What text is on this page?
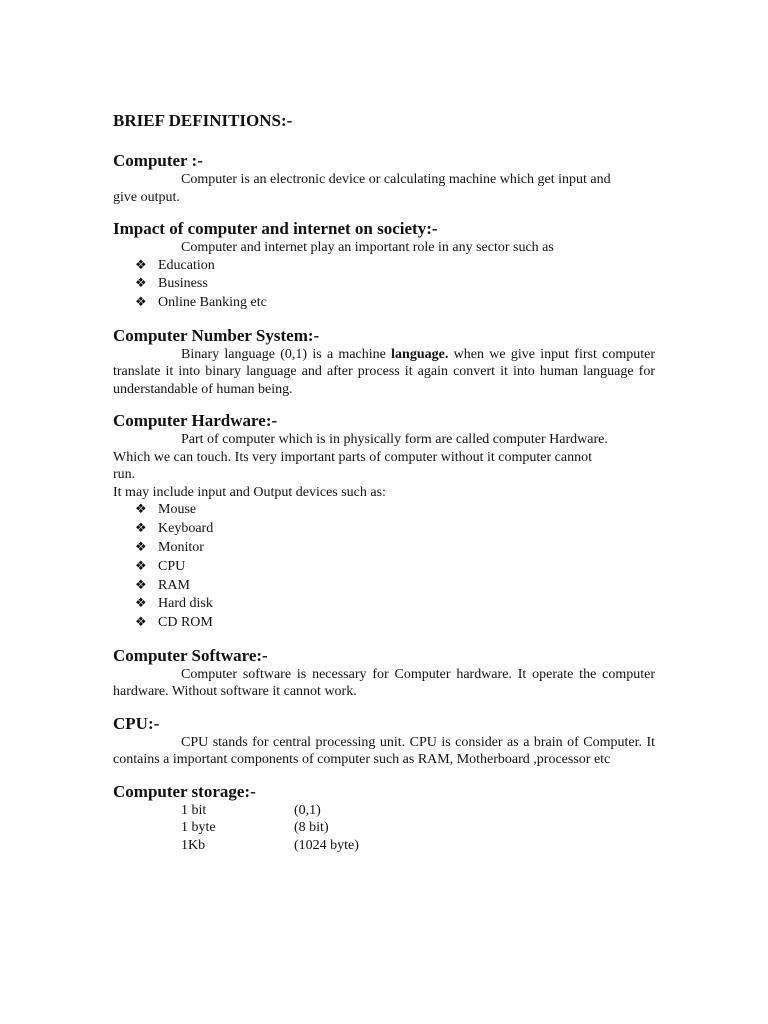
BRIEF DEFINITIONS:-
Computer :-

Computer is an electronic device or calculating machine which get input and

give output.

Impact of computer and internet on society:-

Computer and internet play an important role in any sector such as

❖ Education
❖ Business
❖ Online Banking etc
Computer Number System:-

Binary language (0,1) is a machine language. when we give input first computer translate it into binary language and after process it again convert it into human language for understandable of human being.

Computer Hardware:-

Part of computer which is in physically form are called computer Hardware.

Which we can touch. Its very important parts of computer without it computer cannot

run.

It may include input and Output devices such as:

❖ Mouse
❖ Keyboard
❖ Monitor
❖ CPU
❖ RAM
❖ Hard disk
❖ CD ROM
Computer Software:-

Computer software is necessary for Computer hardware. It operate the computer hardware. Without software it cannot work.

CPU:-

CPU stands for central processing unit. CPU is consider as a brain of Computer. It contains a important components of computer such as RAM, Motherboard ,processor etc

Computer storage:-
1 bit	(0,1)
1 byte	(8 bit)
1Kb	(1024 byte)
